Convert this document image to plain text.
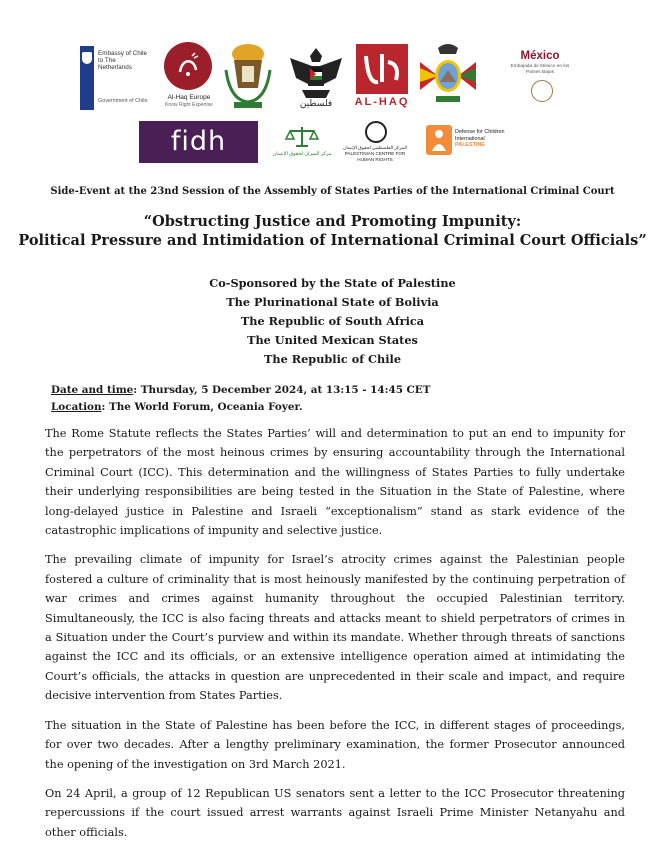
Embassy of Chile to The Netherlands
Government of Chile	Al-Haq Europe
Know Right Expertise	فلسطين	AL-HAQ
México
Embajada de México en los Países Bajos
fidh	مركز الميزان لحقوق الإنسان
المركز الفلسطيني لحقوق الإنسان PALESTINIAN CENTRE FOR HUMAN RIGHTS
Defense for Children
International
PALESTINE
Side-Event at the 23nd Session of the Assembly of States Parties of the International Criminal Court
“Obstructing Justice and Promoting Impunity:
Political Pressure and Intimidation of International Criminal Court Officials”
Co-Sponsored by the State of Palestine
The Plurinational State of Bolivia
The Republic of South Africa
The United Mexican States
The Republic of Chile
Date and time: Thursday, 5 December 2024, at 13:15 - 14:45 CET
Location: The World Forum, Oceania Foyer.

The Rome Statute reflects the States Parties’ will and determination to put an end to impunity for the perpetrators of the most heinous crimes by ensuring accountability through the International Criminal Court (ICC). This determination and the willingness of States Parties to fully undertake their underlying responsibilities are being tested in the Situation in the State of Palestine, where long-delayed justice in Palestine and Israeli “exceptionalism” stand as stark evidence of the catastrophic implications of impunity and selective justice.

The prevailing climate of impunity for Israel’s atrocity crimes against the Palestinian people fostered a culture of criminality that is most heinously manifested by the continuing perpetration of war crimes and crimes against humanity throughout the occupied Palestinian territory. Simultaneously, the ICC is also facing threats and attacks meant to shield perpetrators of crimes in a Situation under the Court’s purview and within its mandate. Whether through threats of sanctions against the ICC and its officials, or an extensive intelligence operation aimed at intimidating the Court’s officials, the attacks in question are unprecedented in their scale and impact, and require decisive intervention from States Parties.

The situation in the State of Palestine has been before the ICC, in different stages of proceedings, for over two decades. After a lengthy preliminary examination, the former Prosecutor announced the opening of the investigation on 3rd March 2021.

On 24 April, a group of 12 Republican US senators sent a letter to the ICC Prosecutor threatening repercussions if the court issued arrest warrants against Israeli Prime Minister Netanyahu and other officials.
